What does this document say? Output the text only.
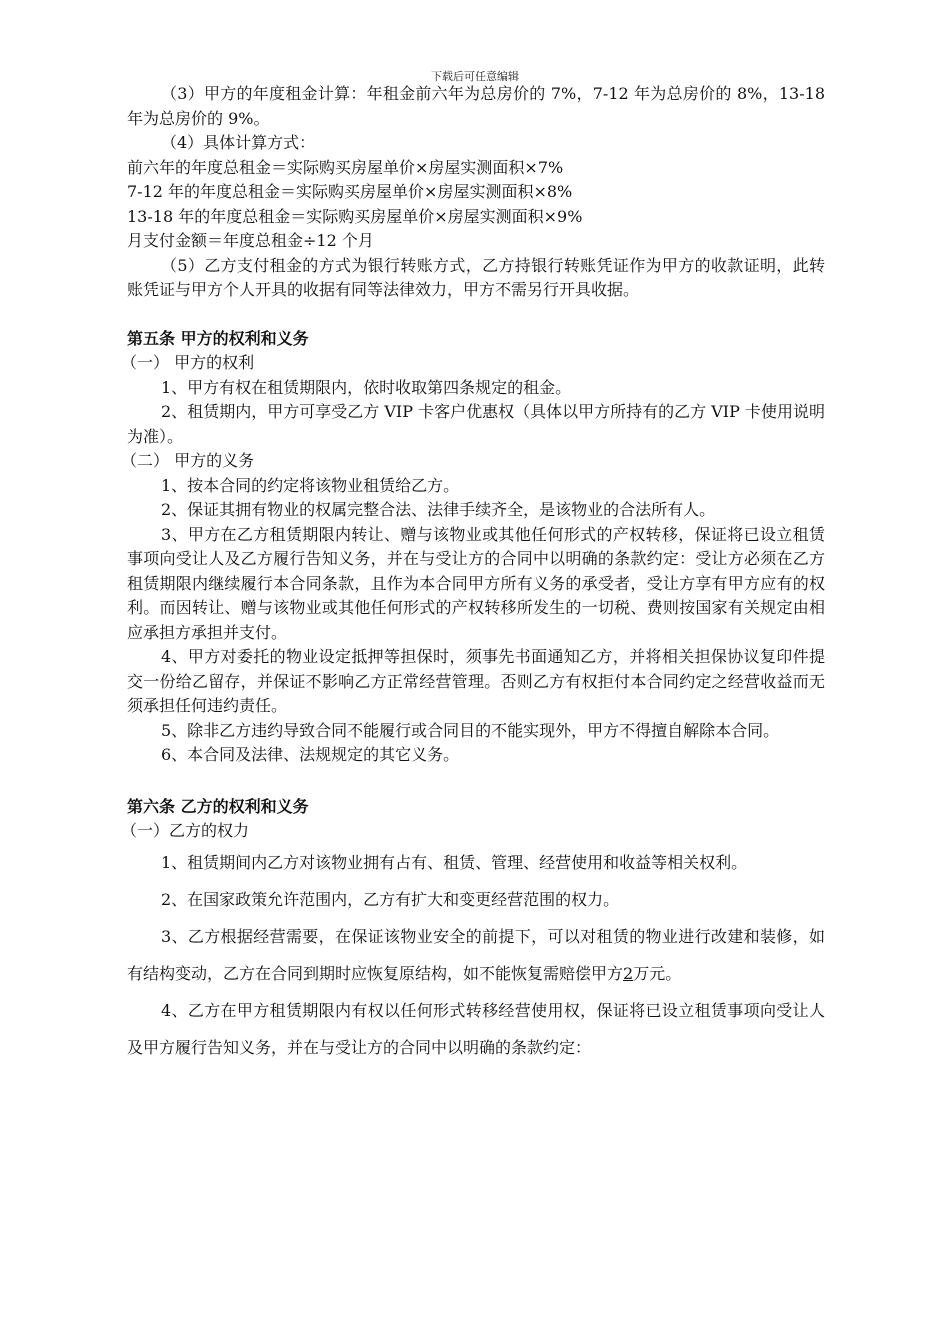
下载后可任意编辑

（3）甲方的年度租金计算：年租金前六年为总房价的 7%，7-12 年为总房价的 8%，13-18 年为总房价的 9%。

（4）具体计算方式：

前六年的年度总租金＝实际购买房屋单价×房屋实测面积×7%

7-12 年的年度总租金＝实际购买房屋单价×房屋实测面积×8%

13-18 年的年度总租金＝实际购买房屋单价×房屋实测面积×9%

月支付金额＝年度总租金÷12 个月

（5）乙方支付租金的方式为银行转账方式，乙方持银行转账凭证作为甲方的收款证明，此转账凭证与甲方个人开具的收据有同等法律效力，甲方不需另行开具收据。

第五条 甲方的权利和义务

（一） 甲方的权利

1、甲方有权在租赁期限内，依时收取第四条规定的租金。

2、租赁期内，甲方可享受乙方 VIP 卡客户优惠权（具体以甲方所持有的乙方 VIP 卡使用说明为准）。

（二） 甲方的义务

1、按本合同的约定将该物业租赁给乙方。

2、保证其拥有物业的权属完整合法、法律手续齐全，是该物业的合法所有人。

3、甲方在乙方租赁期限内转让、赠与该物业或其他任何形式的产权转移，保证将已设立租赁事项向受让人及乙方履行告知义务，并在与受让方的合同中以明确的条款约定：受让方必须在乙方租赁期限内继续履行本合同条款，且作为本合同甲方所有义务的承受者，受让方享有甲方应有的权利。而因转让、赠与该物业或其他任何形式的产权转移所发生的一切税、费则按国家有关规定由相应承担方承担并支付。

4、甲方对委托的物业设定抵押等担保时，须事先书面通知乙方，并将相关担保协议复印件提交一份给乙留存，并保证不影响乙方正常经营管理。否则乙方有权拒付本合同约定之经营收益而无须承担任何违约责任。

5、除非乙方违约导致合同不能履行或合同目的不能实现外，甲方不得擅自解除本合同。

6、本合同及法律、法规规定的其它义务。

第六条 乙方的权利和义务

（一）乙方的权力

1、租赁期间内乙方对该物业拥有占有、租赁、管理、经营使用和收益等相关权利。

2、在国家政策允许范围内，乙方有扩大和变更经营范围的权力。

3、乙方根据经营需要，在保证该物业安全的前提下，可以对租赁的物业进行改建和装修，如有结构变动，乙方在合同到期时应恢复原结构，如不能恢复需赔偿甲方2万元。

4、乙方在甲方租赁期限内有权以任何形式转移经营使用权，保证将已设立租赁事项向受让人及甲方履行告知义务，并在与受让方的合同中以明确的条款约定：
